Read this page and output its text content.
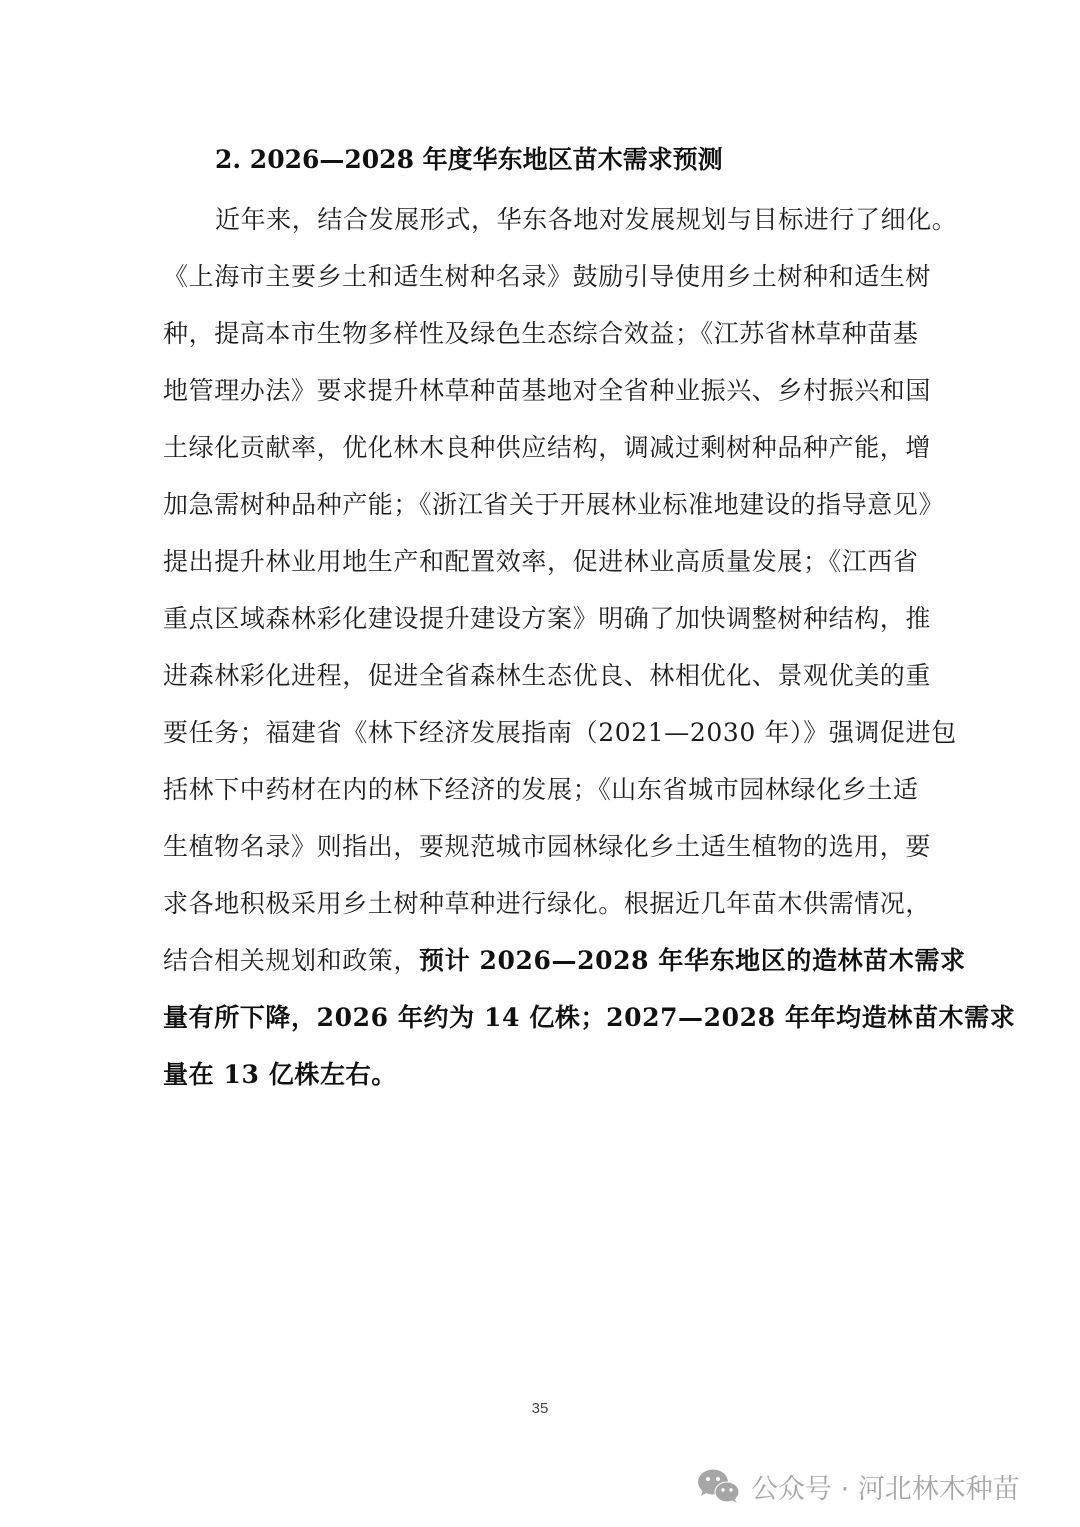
2. 2026—2028 年度华东地区苗木需求预测
近年来，结合发展形式，华东各地对发展规划与目标进行了细化。
《上海市主要乡土和适生树种名录》鼓励引导使用乡土树种和适生树
种，提高本市生物多样性及绿色生态综合效益；《江苏省林草种苗基
地管理办法》要求提升林草种苗基地对全省种业振兴、乡村振兴和国
土绿化贡献率，优化林木良种供应结构，调减过剩树种品种产能，增
加急需树种品种产能；《浙江省关于开展林业标准地建设的指导意见》
提出提升林业用地生产和配置效率，促进林业高质量发展；《江西省
重点区域森林彩化建设提升建设方案》明确了加快调整树种结构，推
进森林彩化进程，促进全省森林生态优良、林相优化、景观优美的重
要任务；福建省《林下经济发展指南（2021—2030 年）》强调促进包
括林下中药材在内的林下经济的发展；《山东省城市园林绿化乡土适
生植物名录》则指出，要规范城市园林绿化乡土适生植物的选用，要
求各地积极采用乡土树种草种进行绿化。根据近几年苗木供需情况，
结合相关规划和政策，预计 2026—2028 年华东地区的造林苗木需求
量有所下降，2026 年约为 14 亿株；2027—2028 年年均造林苗木需求
量在 13 亿株左右。
35
公众号 · 河北林木种苗
